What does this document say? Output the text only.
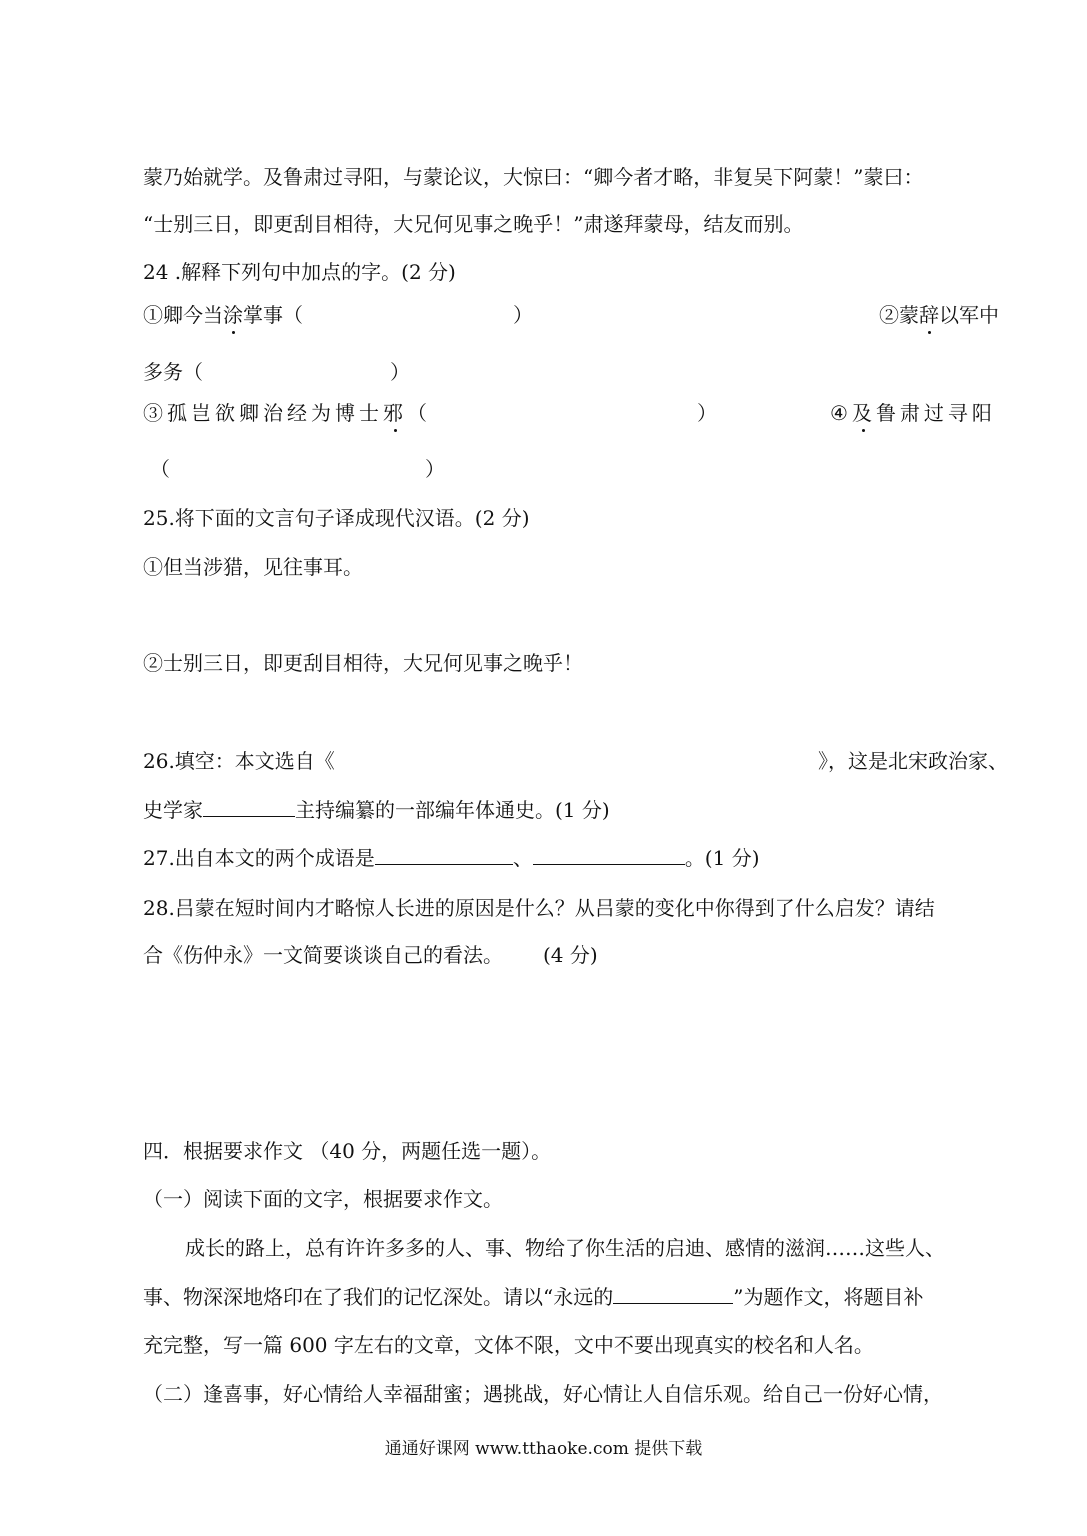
蒙乃始就学。及鲁肃过寻阳，与蒙论议，大惊曰：“卿今者才略，非复吴下阿蒙！”蒙曰：
“士别三日，即更刮目相待，大兄何见事之晚乎！”肃遂拜蒙母，结友而别。
24 .解释下列句中加点的字。(2 分)
①卿今当涂掌事（	）	②蒙辞以军中
多务（	）
③孤岂欲卿治经为博士邪（	）	④及鲁肃过寻阳
（	）
25.将下面的文言句子译成现代汉语。(2 分)
①但当涉猎，见往事耳。
②士别三日，即更刮目相待，大兄何见事之晚乎！
26.填空：本文选自《	》，这是北宋政治家、
史学家	主持编纂的一部编年体通史。(1 分)
27.出自本文的两个成语是	、	。(1 分)
28.吕蒙在短时间内才略惊人长进的原因是什么？从吕蒙的变化中你得到了什么启发？请结
合《伤仲永》一文简要谈谈自己的看法。 (4 分)
四．根据要求作文 （40 分，两题任选一题）。
（一）阅读下面的文字，根据要求作文。
成长的路上，总有许许多多的人、事、物给了你生活的启迪、感情的滋润……这些人、
事、物深深地烙印在了我们的记忆深处。请以“永远的	”为题作文，将题目补
充完整，写一篇 600 字左右的文章，文体不限，文中不要出现真实的校名和人名。
（二）逢喜事，好心情给人幸福甜蜜；遇挑战，好心情让人自信乐观。给自己一份好心情，
通通好课网 www.tthaoke.com 提供下载
